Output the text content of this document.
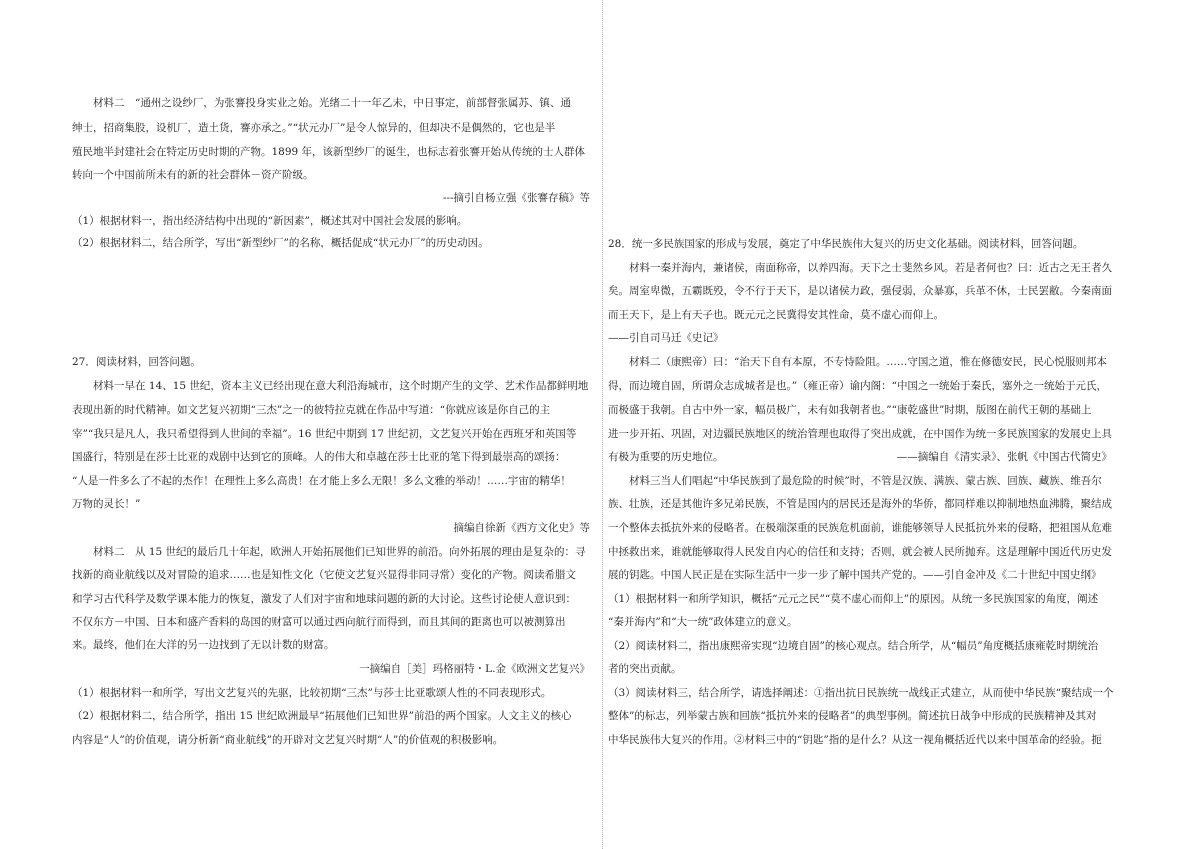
　　材料二　“通州之设纱厂，为张謇投身实业之始。光绪二十一年乙未，中日事定，前部督张属苏、镇、通
绅士，招商集股，设机厂，造土货，謇亦承之。”“状元办厂”是令人惊异的，但却决不是偶然的，它也是半
殖民地半封建社会在特定历史时期的产物。1899 年，该新型纱厂的诞生，也标志着张謇开始从传统的士人群体
转向一个中国前所未有的新的社会群体－资产阶级。
---摘引自杨立强《张謇存稿》等
（1）根据材料一，指出经济结构中出现的“新因素”，概述其对中国社会发展的影响。
（2）根据材料二，结合所学，写出“新型纱厂”的名称，概括促成“状元办厂”的历史动因。
27．阅读材料，回答问题。
　　材料一早在 14、15 世纪，资本主义已经出现在意大利沿海城市，这个时期产生的文学、艺术作品都鲜明地
表现出新的时代精神。如文艺复兴初期“三杰”之一的彼特拉克就在作品中写道：“你就应该是你自己的主
宰”“我只是凡人，我只希望得到人世间的幸福”。16 世纪中期到 17 世纪初，文艺复兴开始在西班牙和英国等
国盛行，特别是在莎士比亚的戏剧中达到它的顶峰。人的伟大和卓越在莎士比亚的笔下得到最崇高的颂扬：
“人是一件多么了不起的杰作！在理性上多么高贵！在才能上多么无限！多么文雅的举动！……宇宙的精华！
万物的灵长！”
摘编自徐新《西方文化史》等
　　材料二　从 15 世纪的最后几十年起，欧洲人开始拓展他们已知世界的前沿。向外拓展的理由是复杂的：寻
找新的商业航线以及对冒险的追求……也是知性文化（它使文艺复兴显得非同寻常）变化的产物。阅读希腊文
和学习古代科学及数学课本能力的恢复，激发了人们对宇宙和地球问题的新的大讨论。这些讨论使人意识到：
不仅东方－中国、日本和盛产香料的岛国的财富可以通过西向航行而得到，而且其间的距离也可以被测算出
来。最终，他们在大洋的另一边找到了无以计数的财富。
一摘编自［美］玛格丽特・L.金《欧洲文艺复兴》
（1）根据材料一和所学，写出文艺复兴的先驱，比较初期“三杰”与莎士比亚歌颂人性的不同表现形式。
（2）根据材料二，结合所学，指出 15 世纪欧洲最早“拓展他们已知世界”前沿的两个国家。人文主义的核心
内容是“人”的价值观，请分析新“商业航线”的开辟对文艺复兴时期“人”的价值观的积极影响。
28．统一多民族国家的形成与发展，奠定了中华民族伟大复兴的历史文化基础。阅读材料，回答问题。
　　材料一秦并海内，兼诸侯，南面称帝，以养四海。天下之士斐然乡风。若是者何也？曰：近古之无王者久
矣。周室卑微，五霸既殁，令不行于天下，是以诸侯力政，强侵弱，众暴寡，兵革不休，士民罢敝。今秦南面
而王天下，是上有天子也。既元元之民冀得安其性命，莫不虚心而仰上。
——引自司马迁《史记》
　　材料二（康熙帝）曰：“治天下自有本原，不专恃险阻。……守国之道，惟在修德安民，民心悦服则邦本
得，而边境自固，所谓众志成城者是也。”（雍正帝）谕内阁：“中国之一统始于秦氏，塞外之一统始于元氏，
而极盛于我朝。自古中外一家，幅员极广，未有如我朝者也。”“康乾盛世”时期，版图在前代王朝的基础上
进一步开拓、巩固，对边疆民族地区的统治管理也取得了突出成就，在中国作为统一多民族国家的发展史上具
有极为重要的历史地位。　　　　　　　　　　　　　　　　　——摘编自《清实录》、张帆《中国古代简史》
　　材料三当人们唱起“中华民族到了最危险的时候”时，不管是汉族、满族、蒙古族、回族、藏族、维吾尔
族、壮族，还是其他许多兄弟民族，不管是国内的居民还是海外的华侨，都同样难以抑制地热血沸腾，聚结成
一个整体去抵抗外来的侵略者。在极端深重的民族危机面前，谁能够领导人民抵抗外来的侵略，把祖国从危难
中拯救出来，谁就能够取得人民发自内心的信任和支持；否则，就会被人民所抛弃。这是理解中国近代历史发
展的钥匙。中国人民正是在实际生活中一步一步了解中国共产党的。——引自金冲及《二十世纪中国史纲》
（1）根据材料一和所学知识，概括“元元之民”“莫不虚心而仰上”的原因。从统一多民族国家的角度，阐述
“秦并海内”和“大一统”政体建立的意义。
（2）阅读材料二，指出康熙帝实现“边境自固”的核心观点。结合所学，从“幅员”角度概括康雍乾时期统治
者的突出贡献。
（3）阅读材料三，结合所学，请选择阐述：①指出抗日民族统一战线正式建立，从而使中华民族“聚结成一个
整体”的标志，列举蒙古族和回族“抵抗外来的侵略者”的典型事例。简述抗日战争中形成的民族精神及其对
中华民族伟大复兴的作用。②材料三中的“钥匙”指的是什么？从这一视角概括近代以来中国革命的经验。扼
